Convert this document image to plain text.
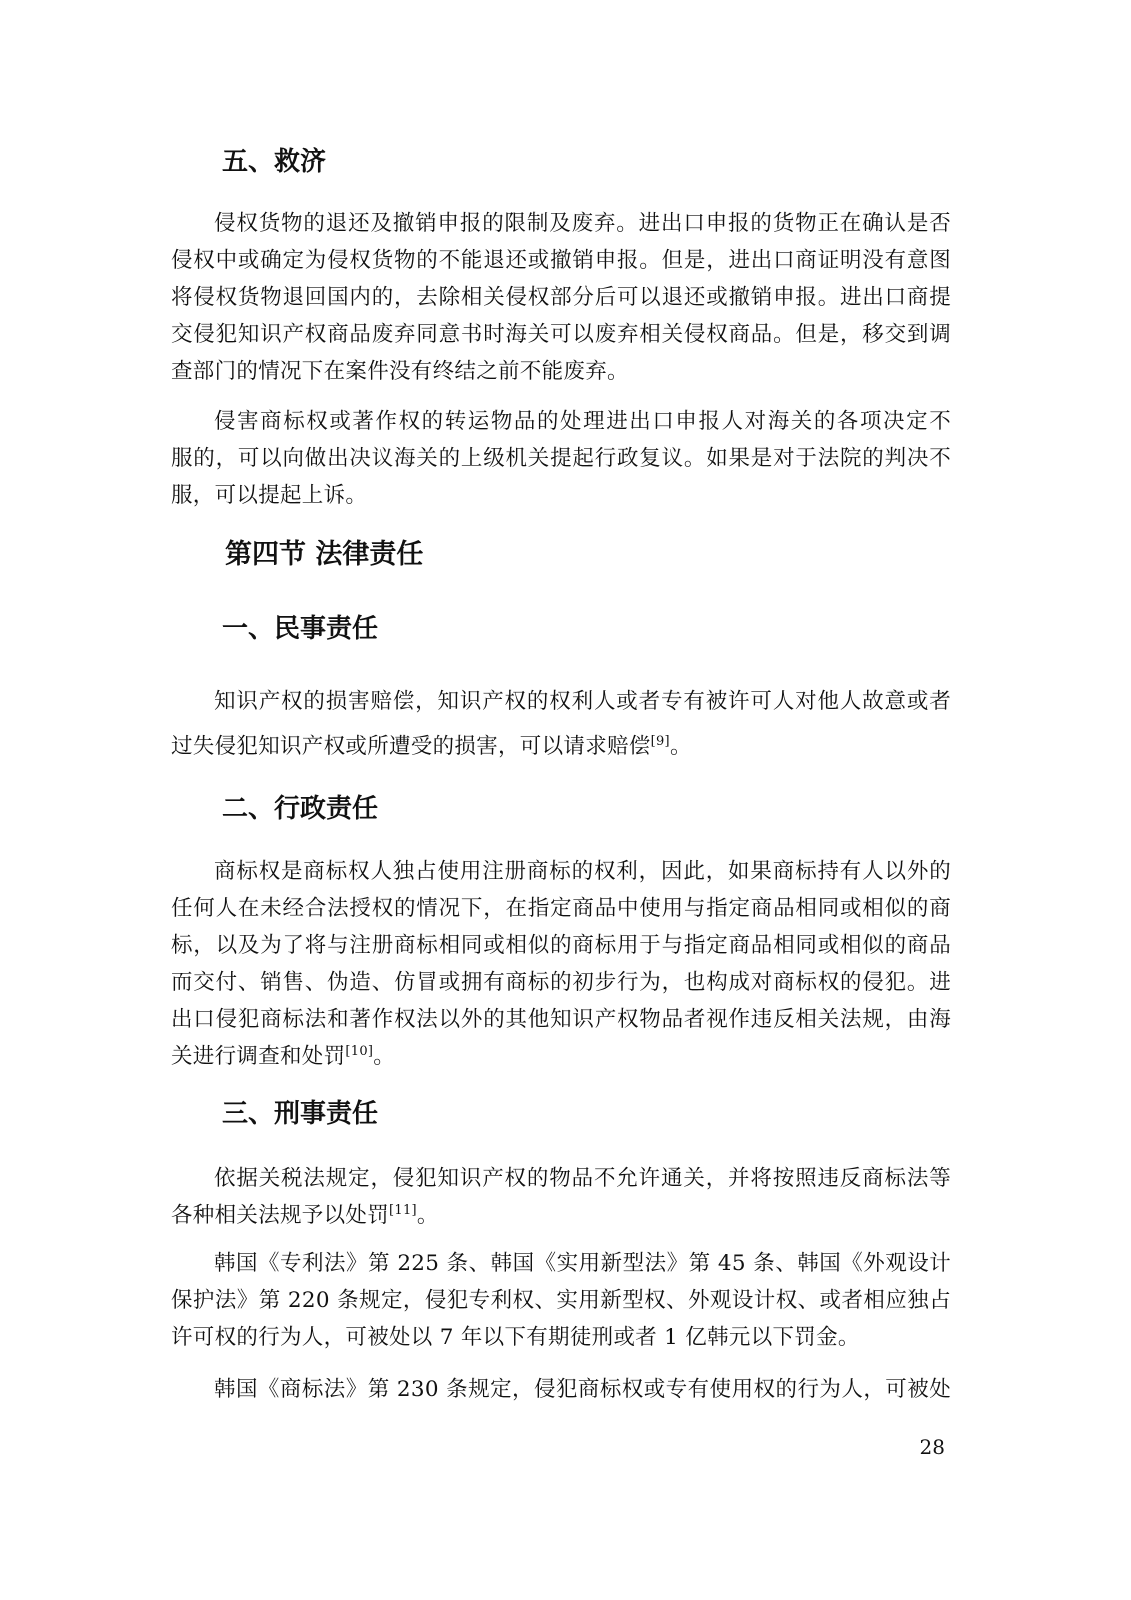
五、救济

侵权货物的退还及撤销申报的限制及废弃。进出口申报的货物正在确认是否
侵权中或确定为侵权货物的不能退还或撤销申报。但是，进出口商证明没有意图
将侵权货物退回国内的，去除相关侵权部分后可以退还或撤销申报。进出口商提
交侵犯知识产权商品废弃同意书时海关可以废弃相关侵权商品。但是，移交到调
查部门的情况下在案件没有终结之前不能废弃。

侵害商标权或著作权的转运物品的处理进出口申报人对海关的各项决定不
服的，可以向做出决议海关的上级机关提起行政复议。如果是对于法院的判决不
服，可以提起上诉。

第四节 法律责任
一、民事责任

知识产权的损害赔偿，知识产权的权利人或者专有被许可人对他人故意或者
过失侵犯知识产权或所遭受的损害，可以请求赔偿[9]。

二、行政责任

商标权是商标权人独占使用注册商标的权利，因此，如果商标持有人以外的
任何人在未经合法授权的情况下，在指定商品中使用与指定商品相同或相似的商
标，以及为了将与注册商标相同或相似的商标用于与指定商品相同或相似的商品
而交付、销售、伪造、仿冒或拥有商标的初步行为，也构成对商标权的侵犯。进
出口侵犯商标法和著作权法以外的其他知识产权物品者视作违反相关法规，由海
关进行调查和处罚[10]。

三、刑事责任

依据关税法规定，侵犯知识产权的物品不允许通关，并将按照违反商标法等
各种相关法规予以处罚[11]。

韩国《专利法》第 225 条、韩国《实用新型法》第 45 条、韩国《外观设计
保护法》第 220 条规定，侵犯专利权、实用新型权、外观设计权、或者相应独占
许可权的行为人，可被处以 7 年以下有期徒刑或者 1 亿韩元以下罚金。

韩国《商标法》第 230 条规定，侵犯商标权或专有使用权的行为人，可被处

28
